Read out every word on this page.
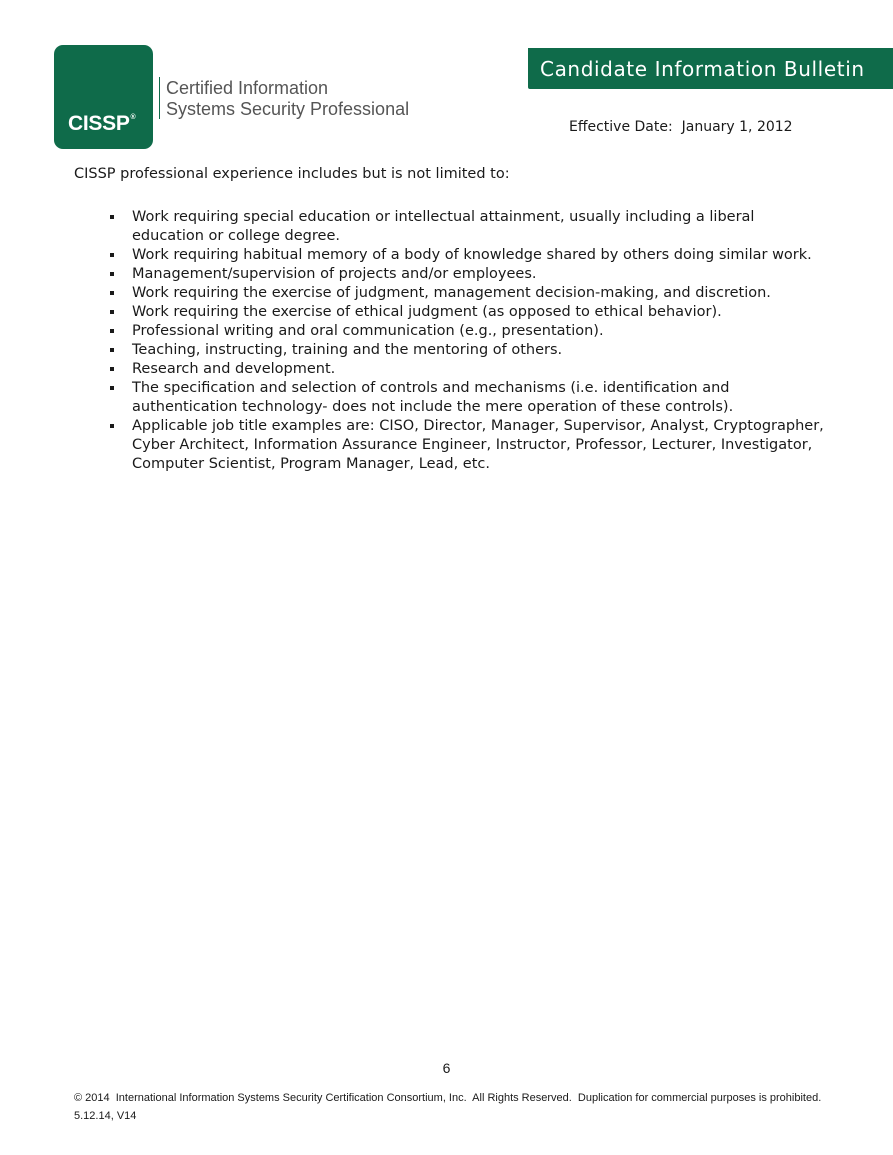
CISSP®
Certified Information
Systems Security Professional
Candidate Information Bulletin
Effective Date:  January 1, 2012
CISSP professional experience includes but is not limited to:
Work requiring special education or intellectual attainment, usually including a liberal education or college degree.
Work requiring habitual memory of a body of knowledge shared by others doing similar work.
Management/supervision of projects and/or employees.
Work requiring the exercise of judgment, management decision-making, and discretion.
Work requiring the exercise of ethical judgment (as opposed to ethical behavior).
Professional writing and oral communication (e.g., presentation).
Teaching, instructing, training and the mentoring of others.
Research and development.
The specification and selection of controls and mechanisms (i.e. identification and authentication technology- does not include the mere operation of these controls).
Applicable job title examples are: CISO, Director, Manager, Supervisor, Analyst, Cryptographer, Cyber Architect, Information Assurance Engineer, Instructor, Professor, Lecturer, Investigator, Computer Scientist, Program Manager, Lead, etc.
6
© 2014  International Information Systems Security Certification Consortium, Inc.  All Rights Reserved.  Duplication for commercial purposes is prohibited.  5.12.14, V14
